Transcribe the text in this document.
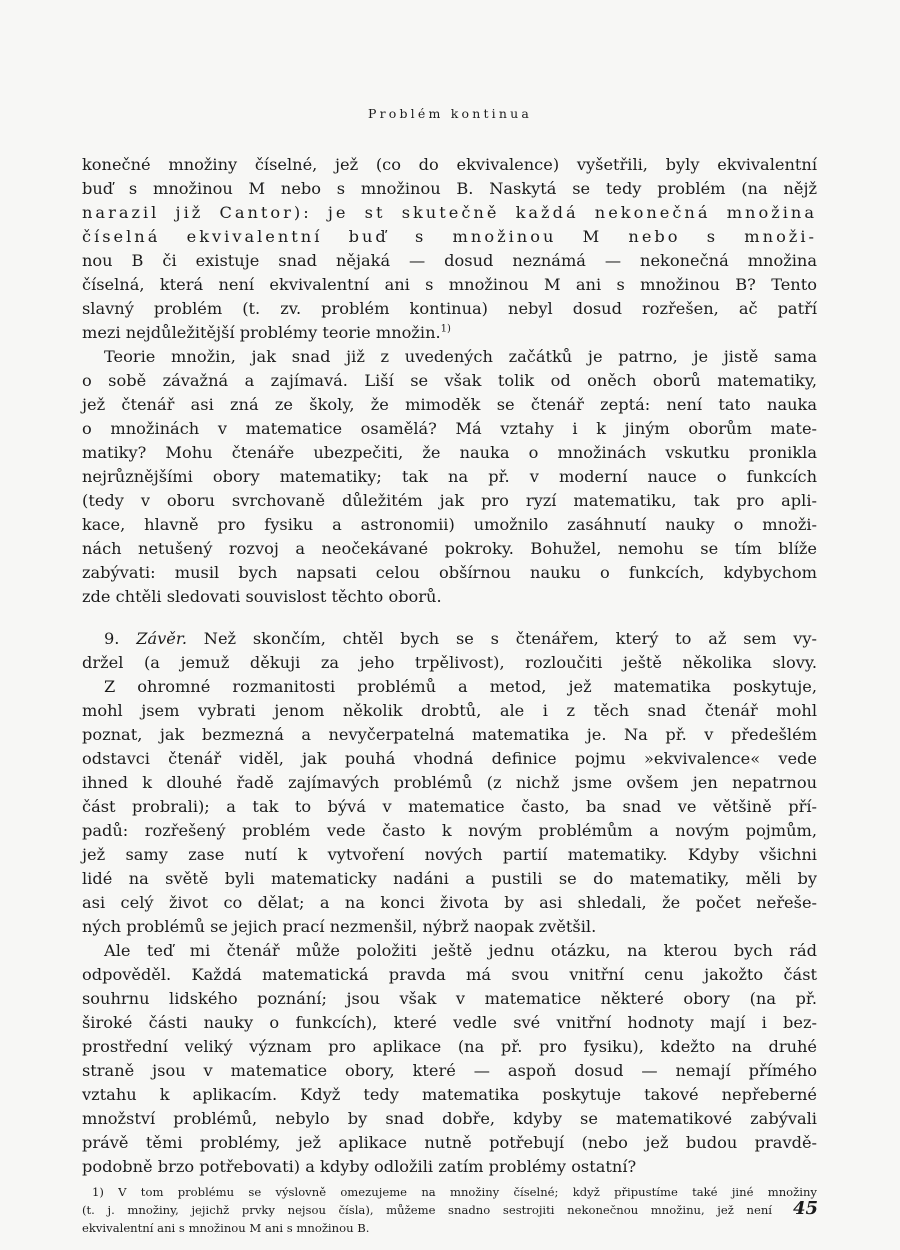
Problém kontinua
konečné množiny číselné, jež (co do ekvivalence) vyšetřili, byly ekvivalentní
buď s množinou M nebo s množinou B. Naskytá se tedy problém (na nějž
narazil již Cantor): je st skutečně každá nekonečná množina
číselná ekvivalentní buď s množinou M nebo s množi-
nou B či existuje snad nějaká — dosud neznámá — nekonečná množina
číselná, která není ekvivalentní ani s množinou M ani s množinou B? Tento
slavný problém (t. zv. problém kontinua) nebyl dosud rozřešen, ač patří
mezi nejdůležitější problémy teorie množin.$^{1)}$
Teorie množin, jak snad již z uvedených začátků je patrno, je jistě sama
o sobě závažná a zajímavá. Liší se však tolik od oněch oborů matematiky,
jež čtenář asi zná ze školy, že mimoděk se čtenář zeptá: není tato nauka
o množinách v matematice osamělá? Má vztahy i k jiným oborům mate-
matiky? Mohu čtenáře ubezpečiti, že nauka o množinách vskutku pronikla
nejrůznějšími obory matematiky; tak na př. v moderní nauce o funkcích
(tedy v oboru svrchovaně důležitém jak pro ryzí matematiku, tak pro apli-
kace, hlavně pro fysiku a astronomii) umožnilo zasáhnutí nauky o množi-
nách netušený rozvoj a neočekávané pokroky. Bohužel, nemohu se tím blíže
zabývati: musil bych napsati celou obšírnou nauku o funkcích, kdybychom
zde chtěli sledovati souvislost těchto oborů.
9. Závěr. Než skončím, chtěl bych se s čtenářem, který to až sem vy-
držel (a jemuž děkuji za jeho trpělivost), rozloučiti ještě několika slovy.
Z ohromné rozmanitosti problémů a metod, jež matematika poskytuje,
mohl jsem vybrati jenom několik drobtů, ale i z těch snad čtenář mohl
poznat, jak bezmezná a nevyčerpatelná matematika je. Na př. v předešlém
odstavci čtenář viděl, jak pouhá vhodná definice pojmu »ekvivalence« vede
ihned k dlouhé řadě zajímavých problémů (z nichž jsme ovšem jen nepatrnou
část probrali); a tak to bývá v matematice často, ba snad ve většině pří-
padů: rozřešený problém vede často k novým problémům a novým pojmům,
jež samy zase nutí k vytvoření nových partií matematiky. Kdyby všichni
lidé na světě byli matematicky nadáni a pustili se do matematiky, měli by
asi celý život co dělat; a na konci života by asi shledali, že počet neřeše-
ných problémů se jejich prací nezmenšil, nýbrž naopak zvětšil.
Ale teď mi čtenář může položiti ještě jednu otázku, na kterou bych rád
odpověděl. Každá matematická pravda má svou vnitřní cenu jakožto část
souhrnu lidského poznání; jsou však v matematice některé obory (na př.
široké části nauky o funkcích), které vedle své vnitřní hodnoty mají i bez-
prostřední veliký význam pro aplikace (na př. pro fysiku), kdežto na druhé
straně jsou v matematice obory, které — aspoň dosud — nemají přímého
vztahu k aplikacím. Když tedy matematika poskytuje takové nepřeberné
množství problémů, nebylo by snad dobře, kdyby se matematikové zabývali
právě těmi problémy, jež aplikace nutně potřebují (nebo jež budou pravdě-
podobně brzo potřebovati) a kdyby odložili zatím problémy ostatní?
1) V tom problému se výslovně omezujeme na množiny číselné; když připustíme také jiné množiny
(t. j. množiny, jejichž prvky nejsou čísla), můžeme snadno sestrojiti nekonečnou množinu, jež není
ekvivalentní ani s množinou M ani s množinou B.
45
